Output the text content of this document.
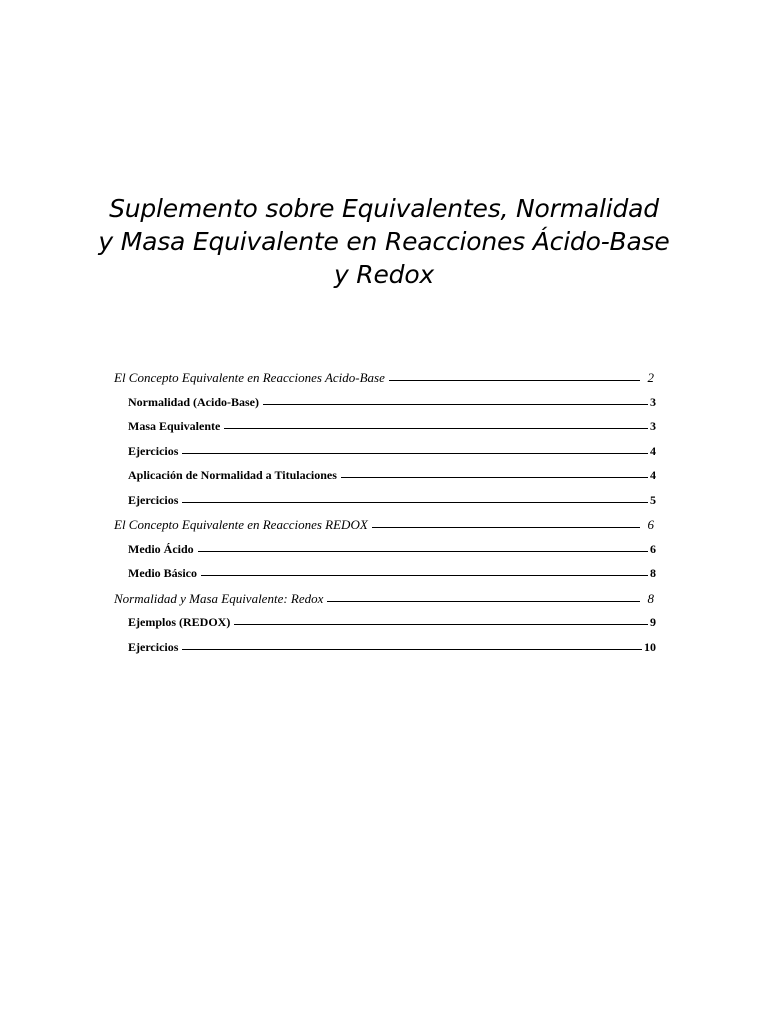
Suplemento sobre Equivalentes, Normalidad
y Masa Equivalente en Reacciones Ácido-Base
y Redox
El Concepto Equivalente en Reacciones Acido-Base	2
Normalidad (Acido-Base)	3
Masa Equivalente	3
Ejercicios	4
Aplicación de Normalidad a Titulaciones	4
Ejercicios	5
El Concepto Equivalente en Reacciones REDOX	6
Medio Ácido	6
Medio Básico	8
Normalidad y Masa Equivalente: Redox	8
Ejemplos (REDOX)	9
Ejercicios	10
